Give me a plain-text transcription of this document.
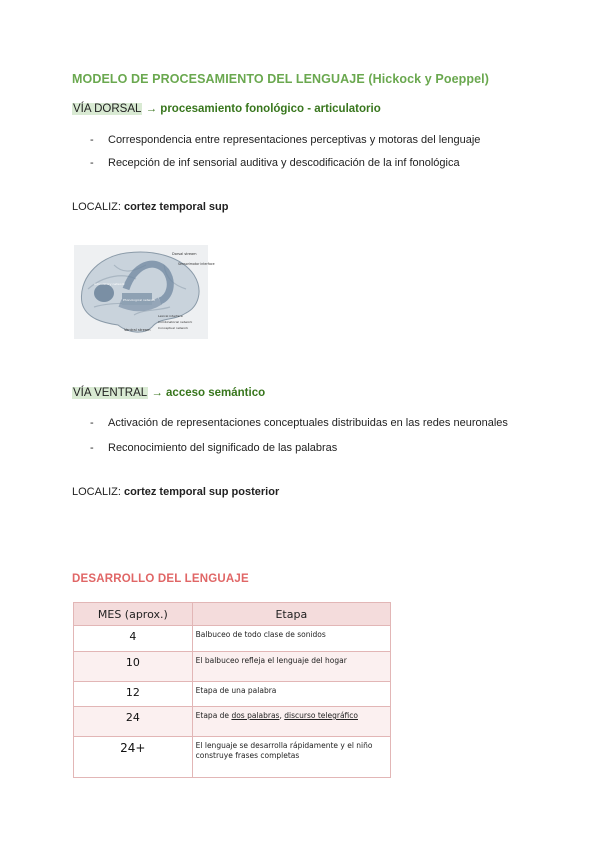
MODELO DE PROCESAMIENTO DEL LENGUAJE (Hickock y Poeppel)
VÍA DORSAL → procesamiento fonológico - articulatorio
- Correspondencia entre representaciones perceptivas y motoras del lenguaje
- Recepción de inf sensorial auditiva y descodificación de la inf fonológica
LOCALIZ: cortez temporal sup
Dorsal stream
Sensorimotor interface
Articulatory network
Phonological network
Ventral stream
Lexical interface
Combinatorial network
Conceptual network
VÍA VENTRAL → acceso semántico
- Activación de representaciones conceptuales distribuidas en las redes neuronales
- Reconocimiento del significado de las palabras
LOCALIZ: cortez temporal sup posterior
DESARROLLO DEL LENGUAJE
MES (aprox.)	Etapa
4	Balbuceo de todo clase de sonidos
10	El balbuceo refleja el lenguaje del hogar
12	Etapa de una palabra
24	Etapa de dos palabras, discurso telegráfico
24+	El lenguaje se desarrolla rápidamente y el niño construye frases completas
